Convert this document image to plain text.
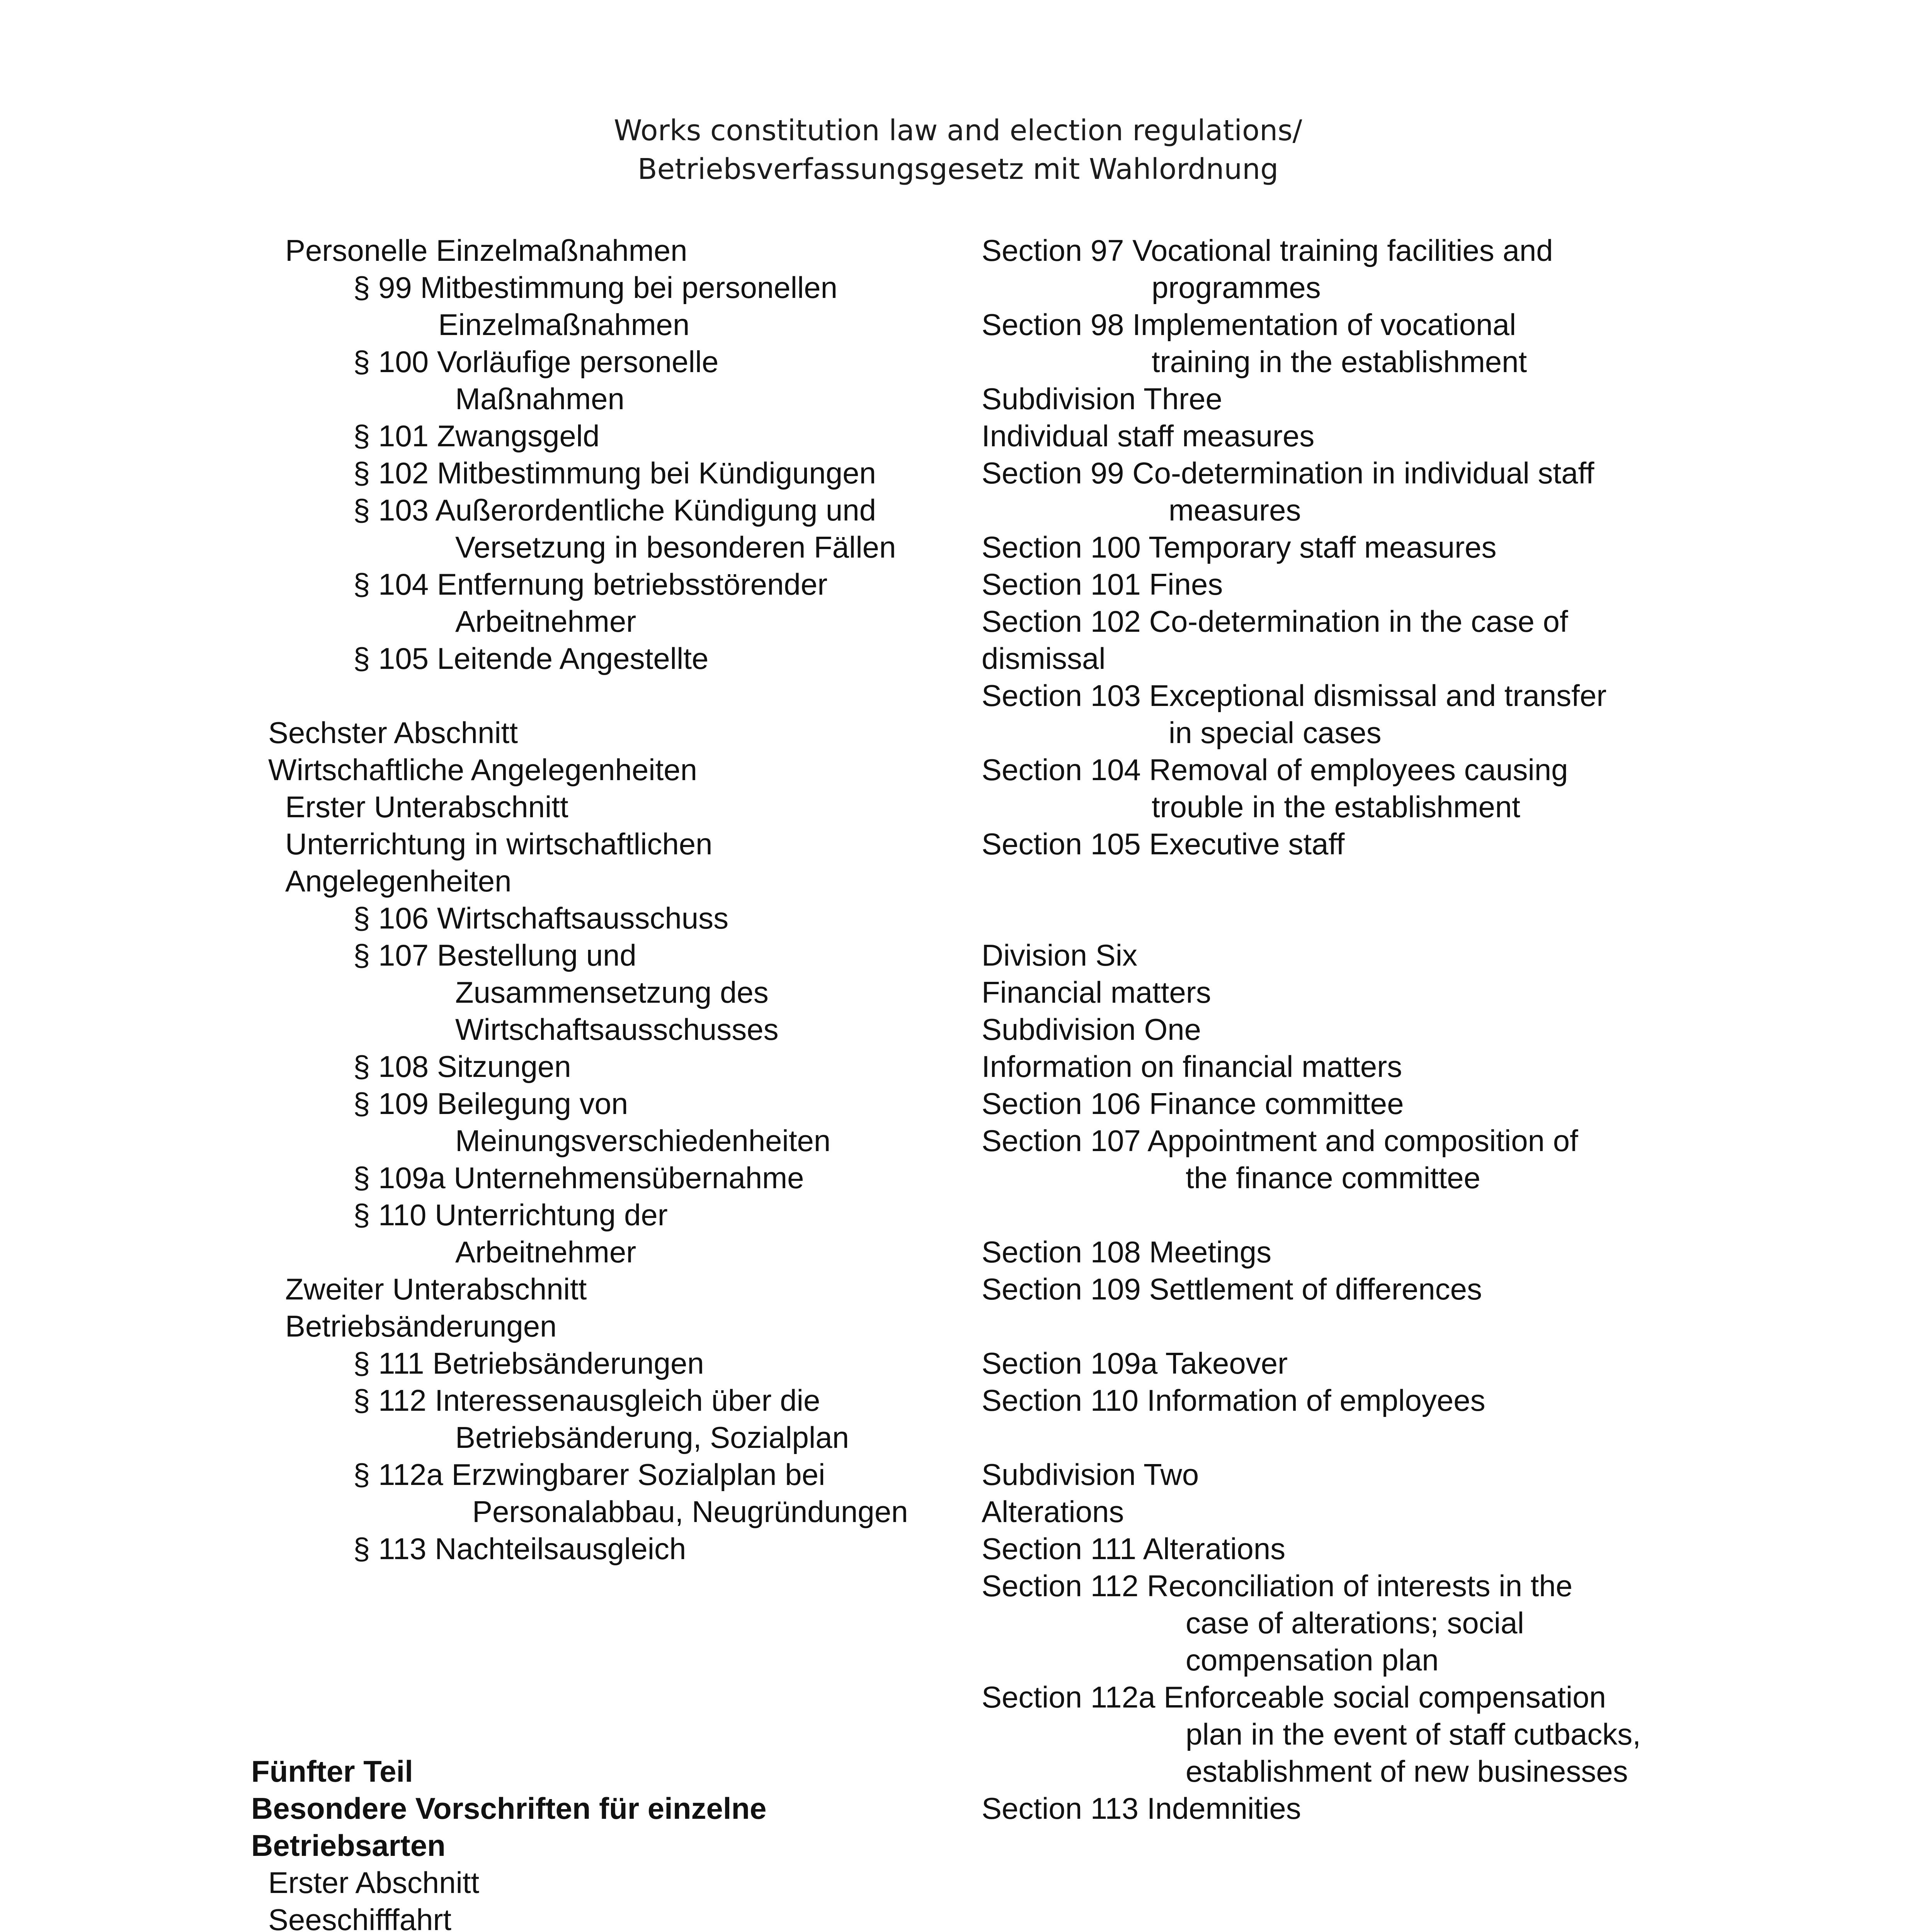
Works constitution law and election regulations/
Betriebsverfassungsgesetz mit Wahlordnung
Personelle Einzelmaßnahmen
§ 99 Mitbestimmung bei personellen
Einzelmaßnahmen
§ 100 Vorläufige personelle
Maßnahmen
§ 101 Zwangsgeld
§ 102 Mitbestimmung bei Kündigungen
§ 103 Außerordentliche Kündigung und
Versetzung in besonderen Fällen
§ 104 Entfernung betriebsstörender
Arbeitnehmer
§ 105 Leitende Angestellte
Sechster Abschnitt
Wirtschaftliche Angelegenheiten
Erster Unterabschnitt
Unterrichtung in wirtschaftlichen
Angelegenheiten
§ 106 Wirtschaftsausschuss
§ 107 Bestellung und
Zusammensetzung des
Wirtschaftsausschusses
§ 108 Sitzungen
§ 109 Beilegung von
Meinungsverschiedenheiten
§ 109a Unternehmensübernahme
§ 110 Unterrichtung der
Arbeitnehmer
Zweiter Unterabschnitt
Betriebsänderungen
§ 111 Betriebsänderungen
§ 112 Interessenausgleich über die
Betriebsänderung, Sozialplan
§ 112a Erzwingbarer Sozialplan bei
Personalabbau, Neugründungen
§ 113 Nachteilsausgleich
Fünfter Teil
Besondere Vorschriften für einzelne
Betriebsarten
Erster Abschnitt
Seeschifffahrt
Section 97 Vocational training facilities and
programmes
Section 98 Implementation of vocational
training in the establishment
Subdivision Three
Individual staff measures
Section 99 Co-determination in individual staff
measures
Section 100 Temporary staff measures
Section 101 Fines
Section 102 Co-determination in the case of
dismissal
Section 103 Exceptional dismissal and transfer
in special cases
Section 104 Removal of employees causing
trouble in the establishment
Section 105 Executive staff
Division Six
Financial matters
Subdivision One
Information on financial matters
Section 106 Finance committee
Section 107 Appointment and composition of
the finance committee
Section 108 Meetings
Section 109 Settlement of differences
Section 109a Takeover
Section 110 Information of employees
Subdivision Two
Alterations
Section 111 Alterations
Section 112 Reconciliation of interests in the
case of alterations; social
compensation plan
Section 112a Enforceable social compensation
plan in the event of staff cutbacks,
establishment of new businesses
Section 113 Indemnities
